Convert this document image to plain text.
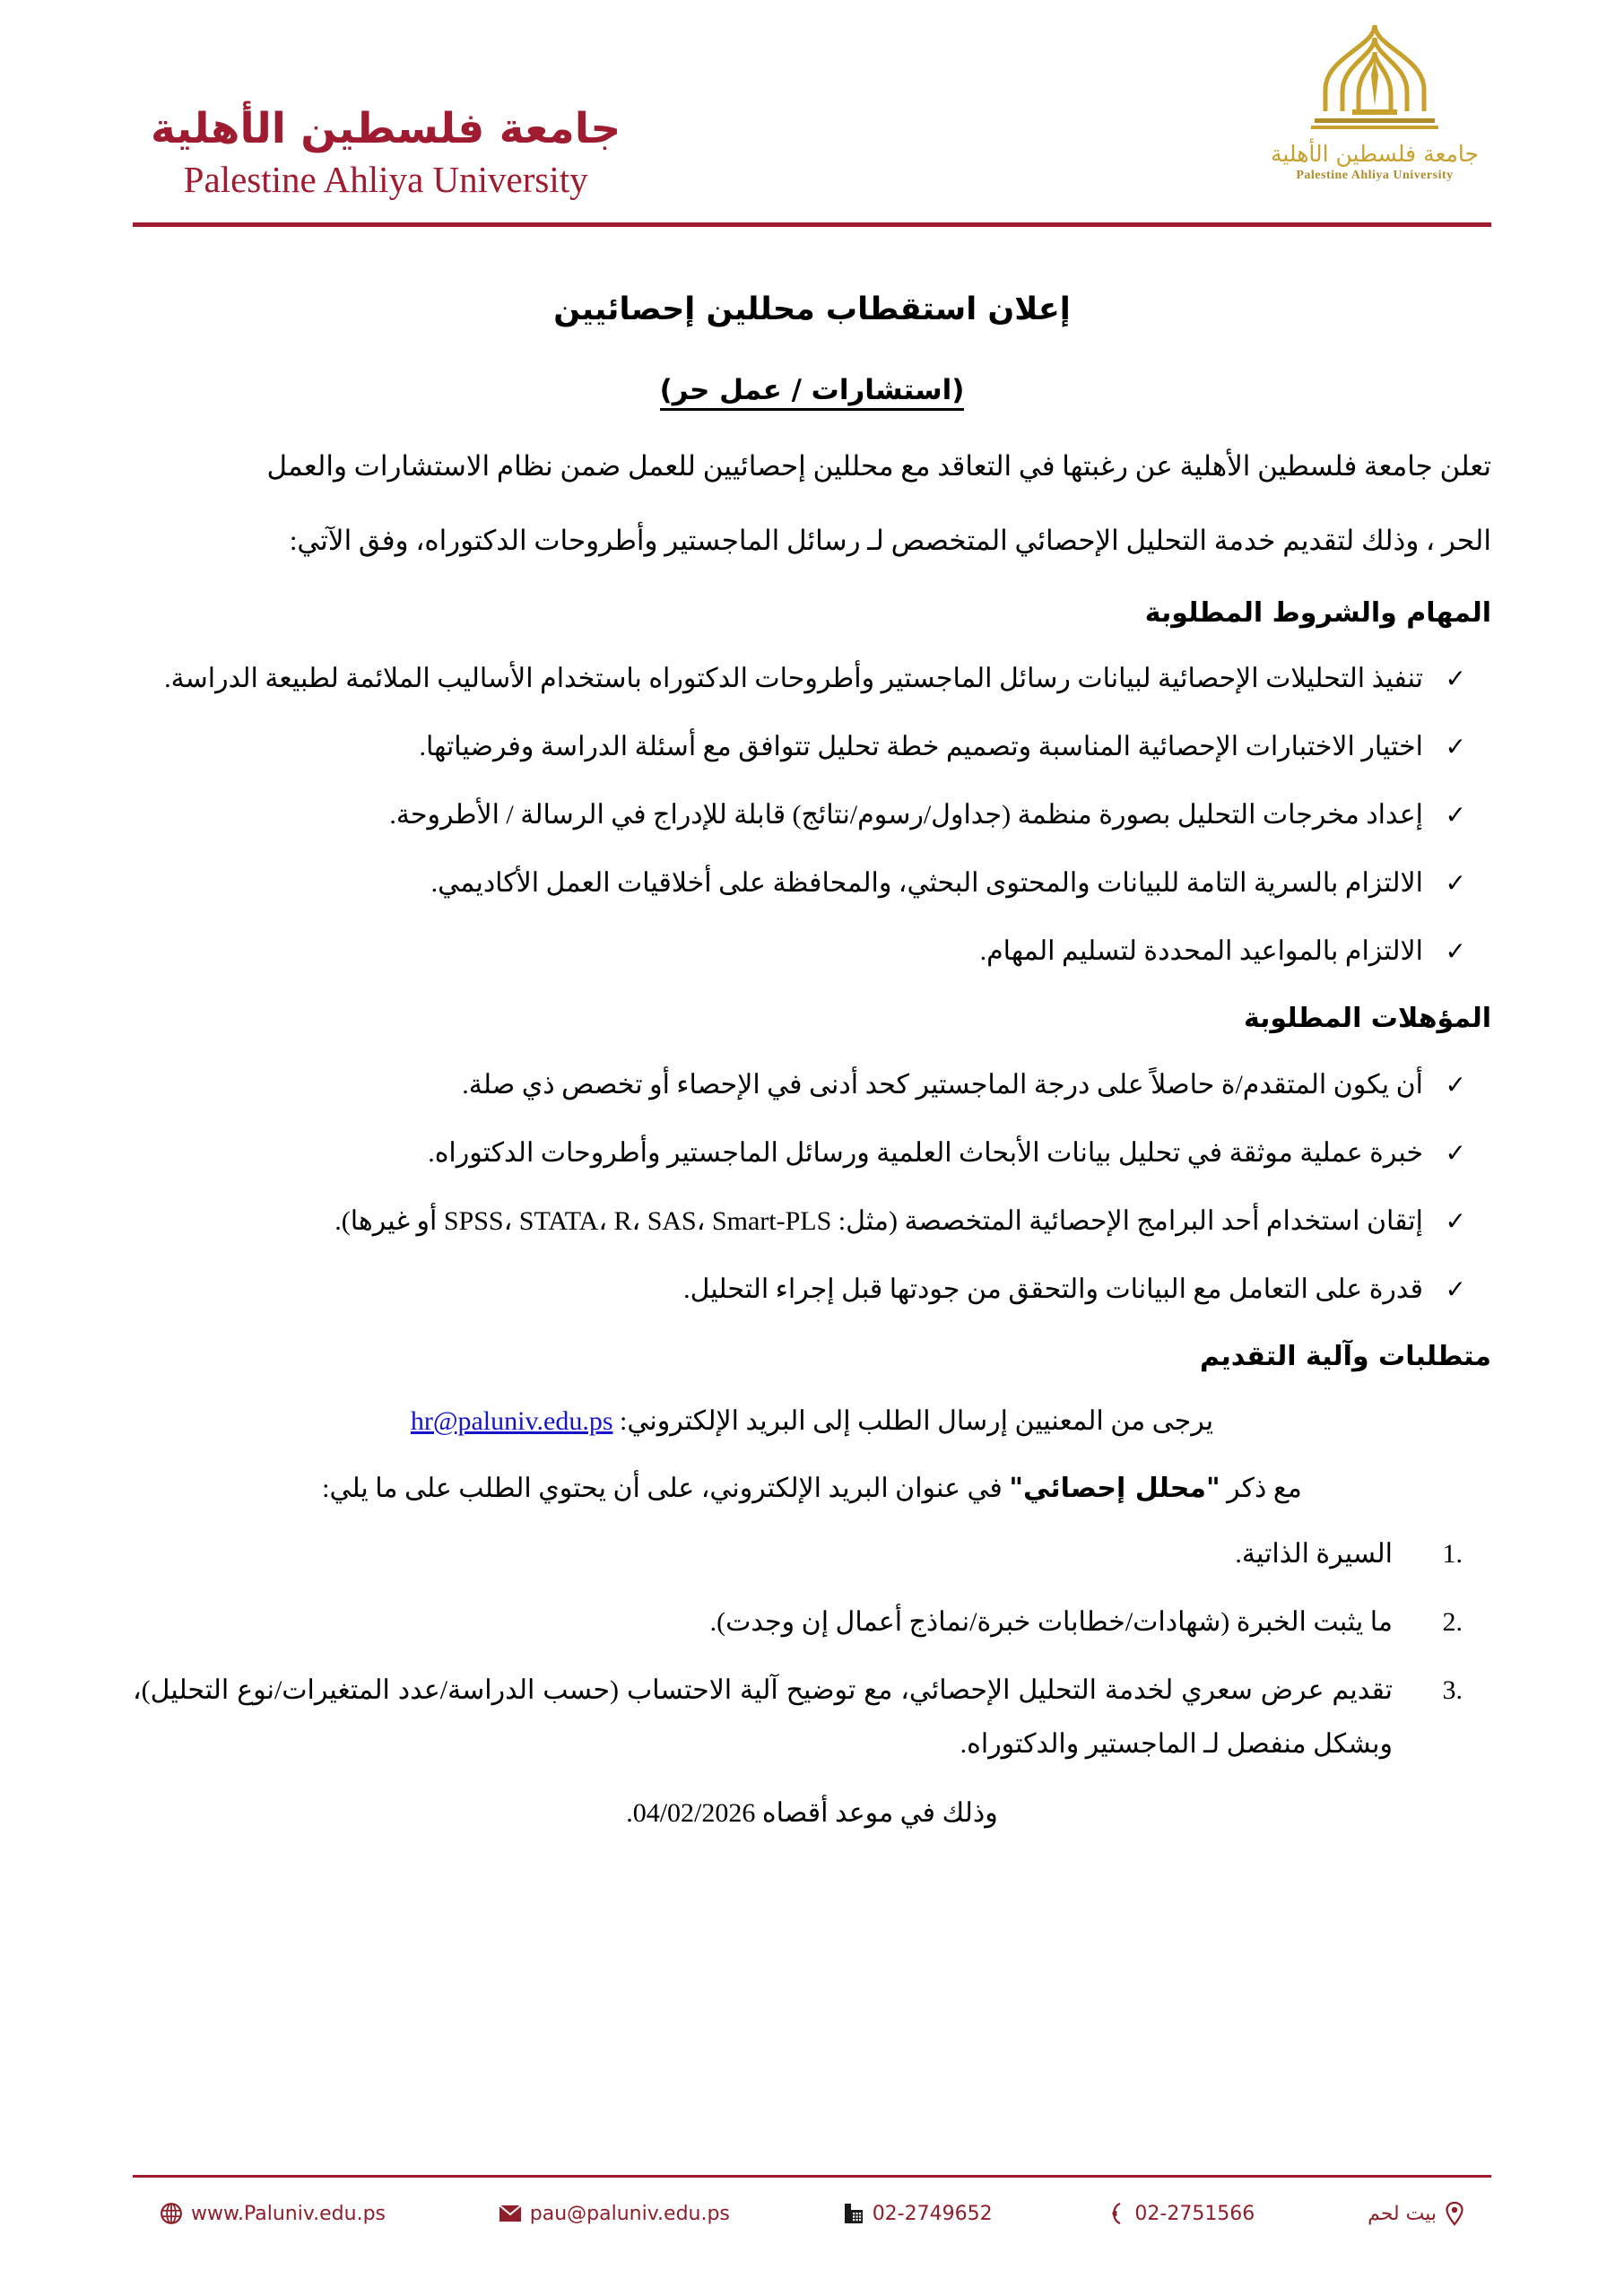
جامعة فلسطين الأهلية
Palestine Ahliya University
جامعة فلسطين الأهلية
Palestine Ahliya University
إعلان استقطاب محللين إحصائيين
(استشارات / عمل حر)

تعلن جامعة فلسطين الأهلية عن رغبتها في التعاقد مع محللين إحصائيين للعمل ضمن نظام الاستشارات والعمل

الحر ، وذلك لتقديم خدمة التحليل الإحصائي المتخصص لـ رسائل الماجستير وأطروحات الدكتوراه، وفق الآتي:

المهام والشروط المطلوبة
✓
تنفيذ التحليلات الإحصائية لبيانات رسائل الماجستير وأطروحات الدكتوراه باستخدام الأساليب الملائمة لطبيعة الدراسة.
✓
اختيار الاختبارات الإحصائية المناسبة وتصميم خطة تحليل تتوافق مع أسئلة الدراسة وفرضياتها.
✓
إعداد مخرجات التحليل بصورة منظمة (جداول/رسوم/نتائج) قابلة للإدراج في الرسالة / الأطروحة.
✓
الالتزام بالسرية التامة للبيانات والمحتوى البحثي، والمحافظة على أخلاقيات العمل الأكاديمي.
✓
الالتزام بالمواعيد المحددة لتسليم المهام.
المؤهلات المطلوبة
✓
أن يكون المتقدم/ة حاصلاً على درجة الماجستير كحد أدنى في الإحصاء أو تخصص ذي صلة.
✓
خبرة عملية موثقة في تحليل بيانات الأبحاث العلمية ورسائل الماجستير وأطروحات الدكتوراه.
✓
إتقان استخدام أحد البرامج الإحصائية المتخصصة (مثل: SPSS، STATA، R، SAS، Smart-PLS أو غيرها).
✓
قدرة على التعامل مع البيانات والتحقق من جودتها قبل إجراء التحليل.
متطلبات وآلية التقديم

يرجى من المعنيين إرسال الطلب إلى البريد الإلكتروني: hr@paluniv.edu.ps

مع ذكر "محلل إحصائي" في عنوان البريد الإلكتروني، على أن يحتوي الطلب على ما يلي:

السيرة الذاتية.
ما يثبت الخبرة (شهادات/خطابات خبرة/نماذج أعمال إن وجدت).
تقديم عرض سعري لخدمة التحليل الإحصائي، مع توضيح آلية الاحتساب (حسب الدراسة/عدد المتغيرات/نوع التحليل)، وبشكل منفصل لـ الماجستير والدكتوراه.

وذلك في موعد أقصاه 04/02/2026.

www.Paluniv.edu.ps	pau@paluniv.edu.ps	02-2749652	02-2751566	بيت لحم
